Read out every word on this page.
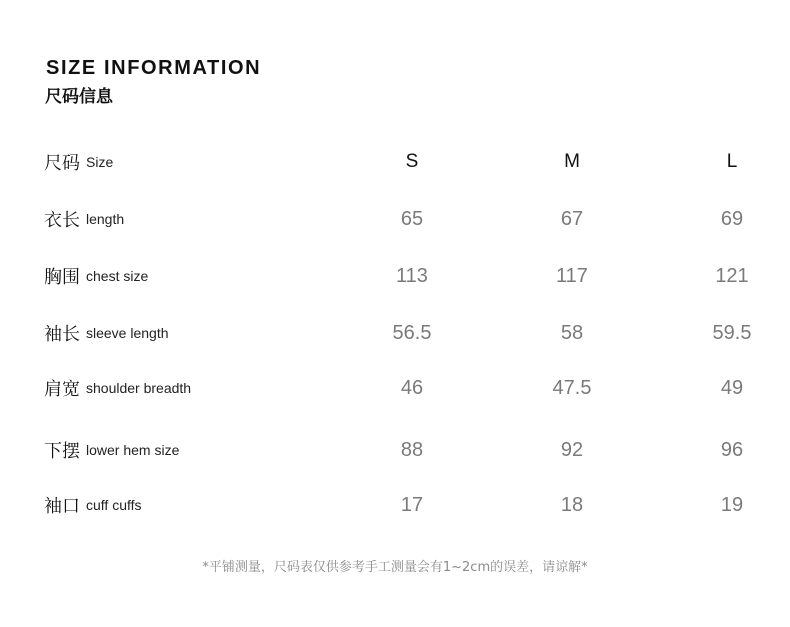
SIZE INFORMATION
尺码信息
尺码 Size	S	M	L
衣长 length	65	67	69
胸围 chest size	113	117	121
袖长 sleeve length	56.5	58	59.5
肩宽 shoulder breadth	46	47.5	49
下摆 lower hem size	88	92	96
袖口 cuff cuffs	17	18	19
*平铺测量，尺码表仅供参考手工测量会有1~2cm的误差，请谅解*
